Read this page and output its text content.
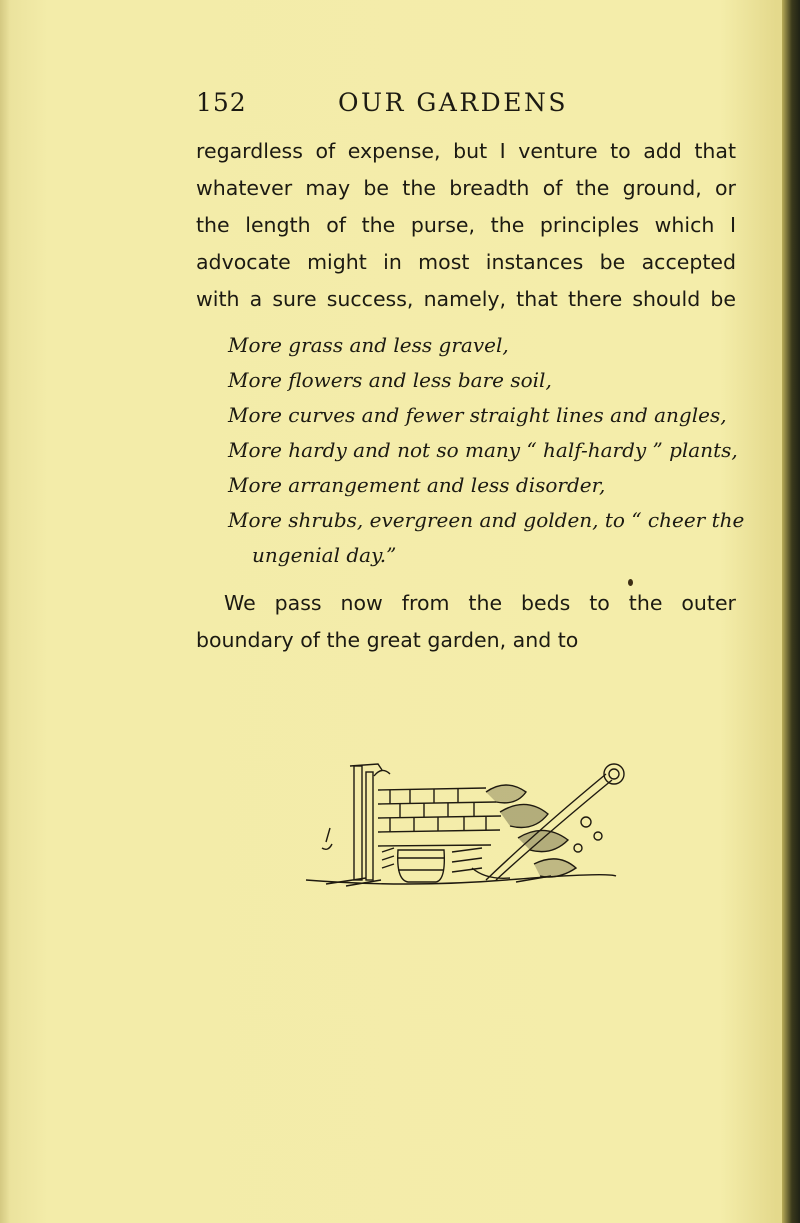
152	OUR GARDENS
regardless of expense, but I venture to add that
whatever may be the breadth of the ground, or
the length of the purse, the principles which I
advocate might in most instances be accepted
with a sure success, namely, that there should be
More grass and less gravel,
More flowers and less bare soil,
More curves and fewer straight lines and angles,
More hardy and not so many “ half-hardy ” plants,
More arrangement and less disorder,
More shrubs, evergreen and golden, to “ cheer the
ungenial day.”
We pass now from the beds to the outer
boundary of the great garden, and to
